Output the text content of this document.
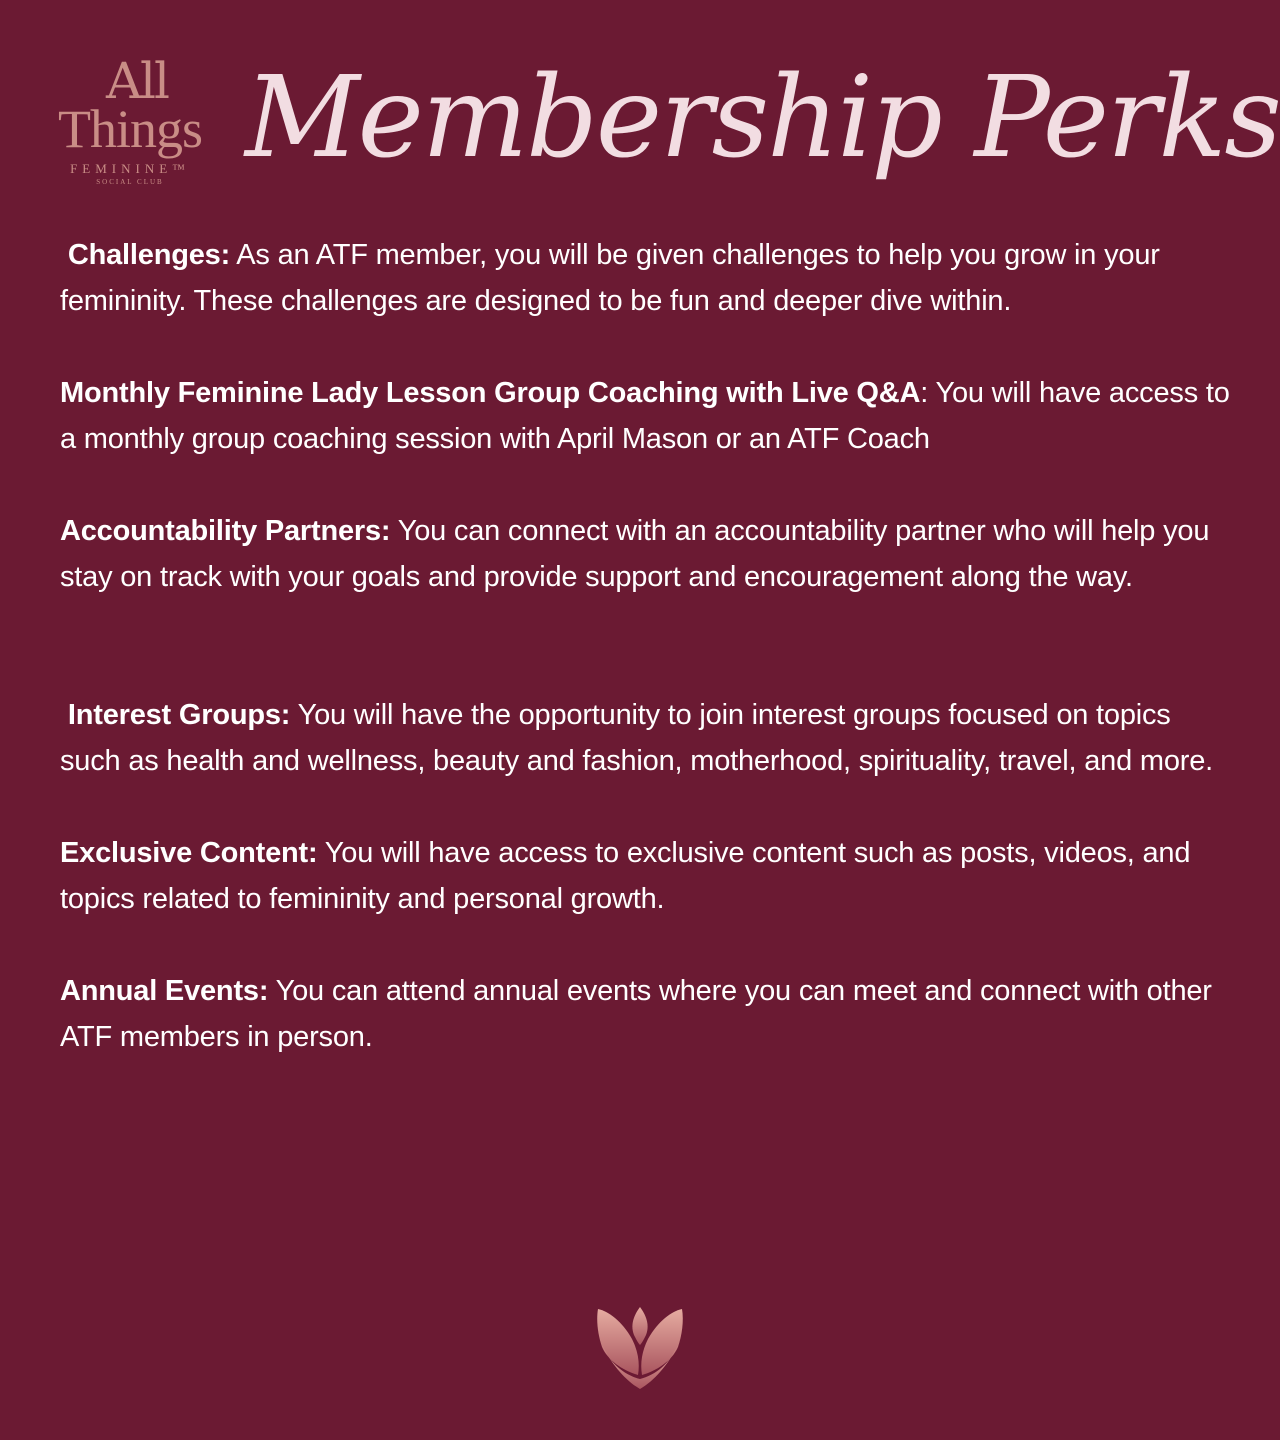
All
Things
FEMININE™
SOCIAL CLUB Membership Perks

Challenges: As an ATF member, you will be given challenges to help you grow in your femininity. These challenges are designed to be fun and deeper dive within.

Monthly Feminine Lady Lesson Group Coaching with Live Q&A: You will have access to a monthly group coaching session with April Mason or an ATF Coach

Accountability Partners: You can connect with an accountability partner who will help you stay on track with your goals and provide support and encouragement along the way.

Interest Groups: You will have the opportunity to join interest groups focused on topics such as health and wellness, beauty and fashion, motherhood, spirituality, travel, and more.

Exclusive Content: You will have access to exclusive content such as posts, videos, and topics related to femininity and personal growth.

Annual Events: You can attend annual events where you can meet and connect with other ATF members in person.
